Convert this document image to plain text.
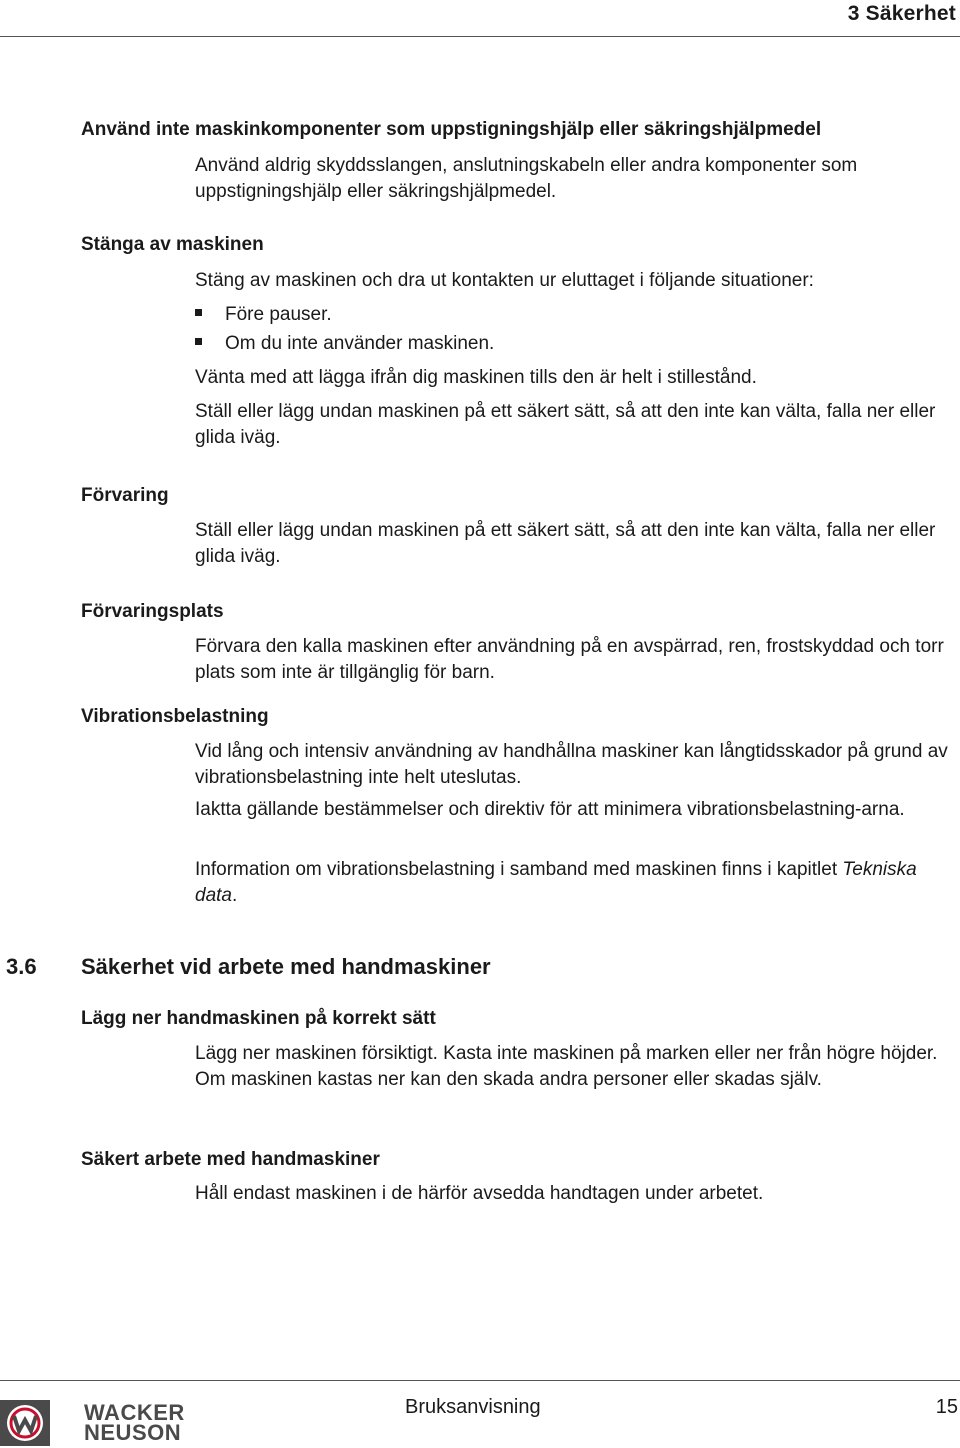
3 Säkerhet
Använd inte maskinkomponenter som uppstigningshjälp eller säkringshjälpmedel

Använd aldrig skyddsslangen, anslutningskabeln eller andra komponenter som uppstigningshjälp eller säkringshjälpmedel.

Stänga av maskinen

Stäng av maskinen och dra ut kontakten ur eluttaget i följande situationer:

Före pauser.
Om du inte använder maskinen.

Vänta med att lägga ifrån dig maskinen tills den är helt i stillestånd.

Ställ eller lägg undan maskinen på ett säkert sätt, så att den inte kan välta, falla ner eller glida iväg.

Förvaring

Ställ eller lägg undan maskinen på ett säkert sätt, så att den inte kan välta, falla ner eller glida iväg.

Förvaringsplats

Förvara den kalla maskinen efter användning på en avspärrad, ren, frostskyddad och torr plats som inte är tillgänglig för barn.

Vibrationsbelastning

Vid lång och intensiv användning av handhållna maskiner kan långtidsskador på grund av vibrationsbelastning inte helt uteslutas.

Iaktta gällande bestämmelser och direktiv för att minimera vibrationsbelastning-arna.

Information om vibrationsbelastning i samband med maskinen finns i kapitlet Tekniska data.

3.6 Säkerhet vid arbete med handmaskiner
Lägg ner handmaskinen på korrekt sätt

Lägg ner maskinen försiktigt. Kasta inte maskinen på marken eller ner från högre höjder. Om maskinen kastas ner kan den skada andra personer eller skadas själv.

Säkert arbete med handmaskiner

Håll endast maskinen i de härför avsedda handtagen under arbetet.

WACKER
NEUSON
Bruksanvisning	15
